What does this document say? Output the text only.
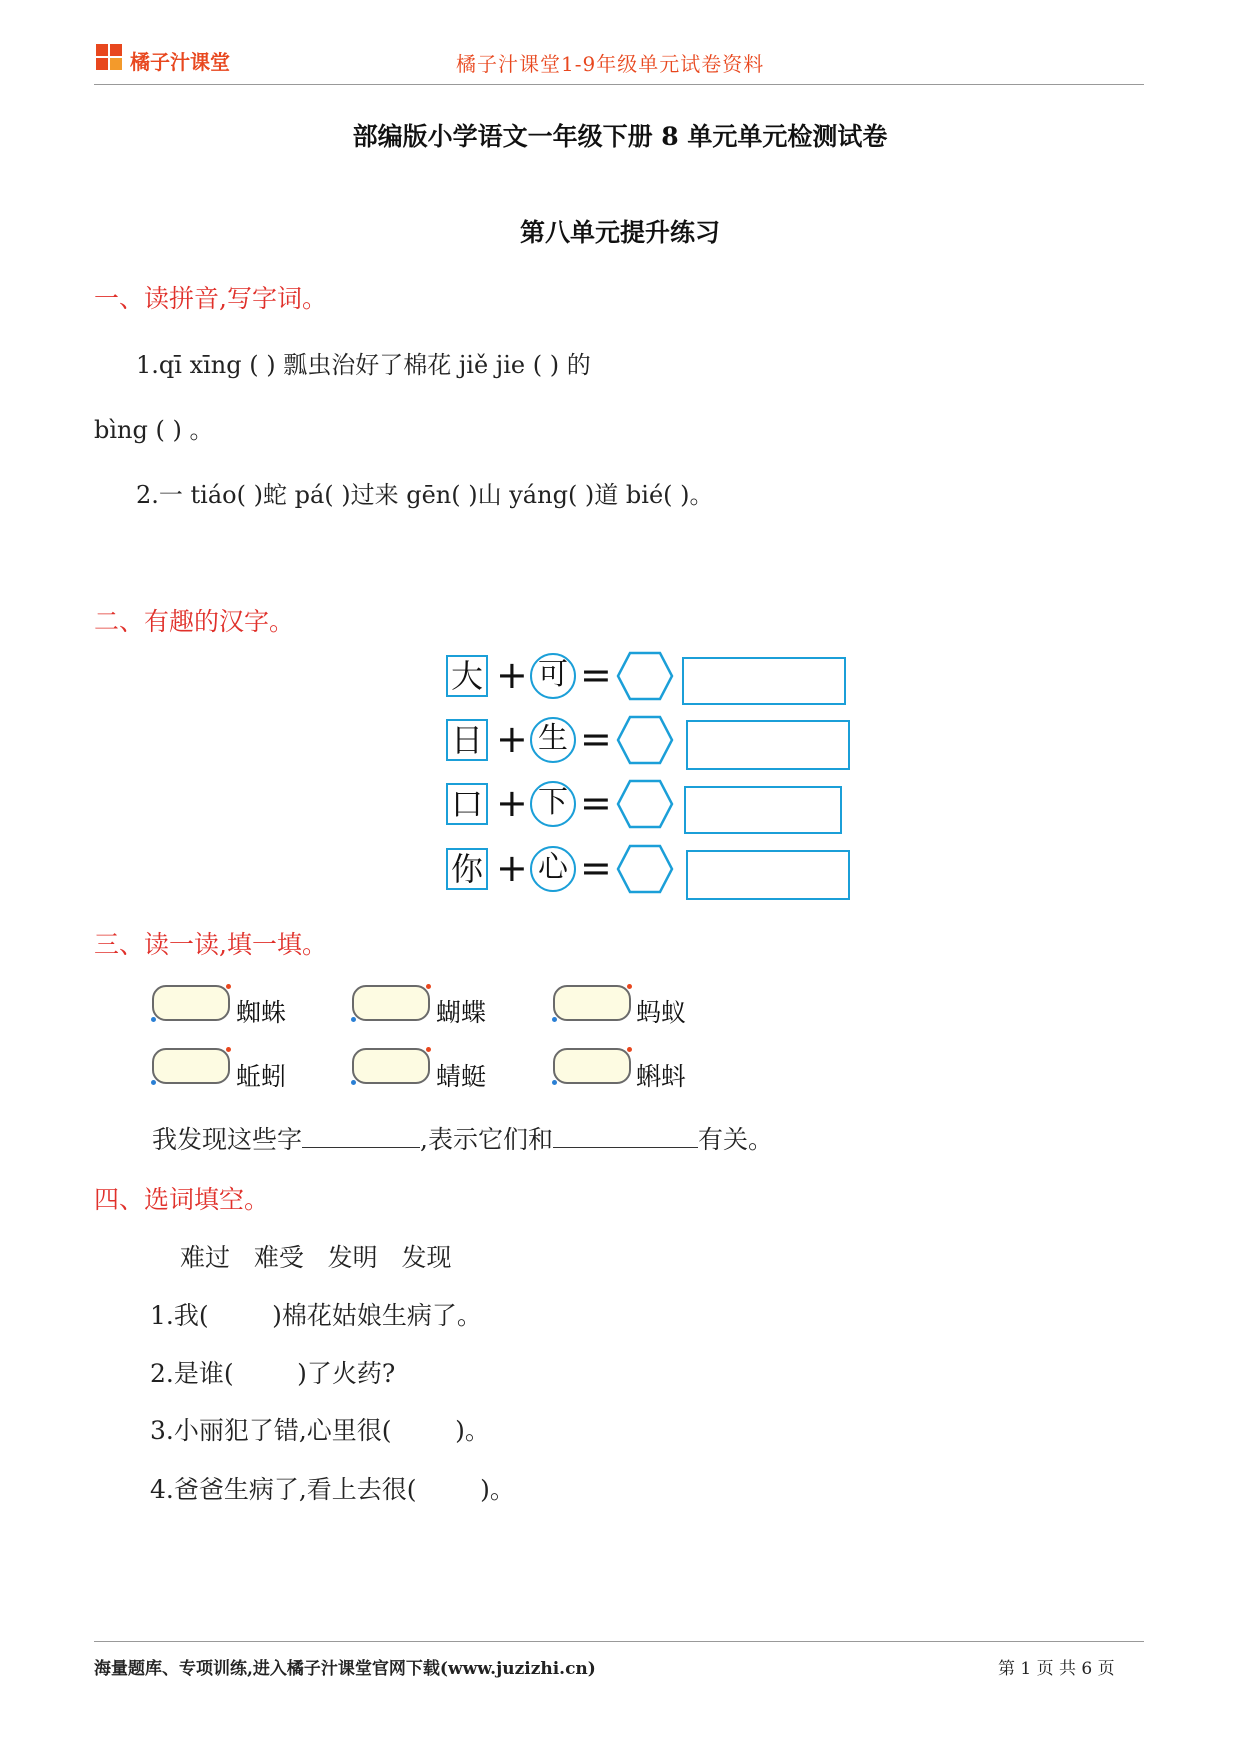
橘子汁课堂	橘子汁课堂1-9年级单元试卷资料
部编版小学语文一年级下册 8 单元单元检测试卷
第八单元提升练习
一、读拼音,写字词。
1.qī xīng ( ) 瓢虫治好了棉花 jiě jie ( ) 的
bìng ( ) 。
2.一 tiáo( )蛇 pá( )过来 gēn( )山 yáng( )道 bié( )。
二、有趣的汉字。
大 + 可 =
日 + 生 =
口 + 下 =
你 + 心 =
三、读一读,填一填。
蜘蛛	蝴蝶	蚂蚁
蚯蚓	蜻蜓	蝌蚪
我发现这些字	,表示它们和	有关。
四、选词填空。
难过   难受   发明   发现
1.我(        )棉花姑娘生病了。
2.是谁(        )了火药?
3.小丽犯了错,心里很(        )。
4.爸爸生病了,看上去很(        )。
海量题库、专项训练,进入橘子汁课堂官网下载(www.juzizhi.cn)	第 1 页 共 6 页
